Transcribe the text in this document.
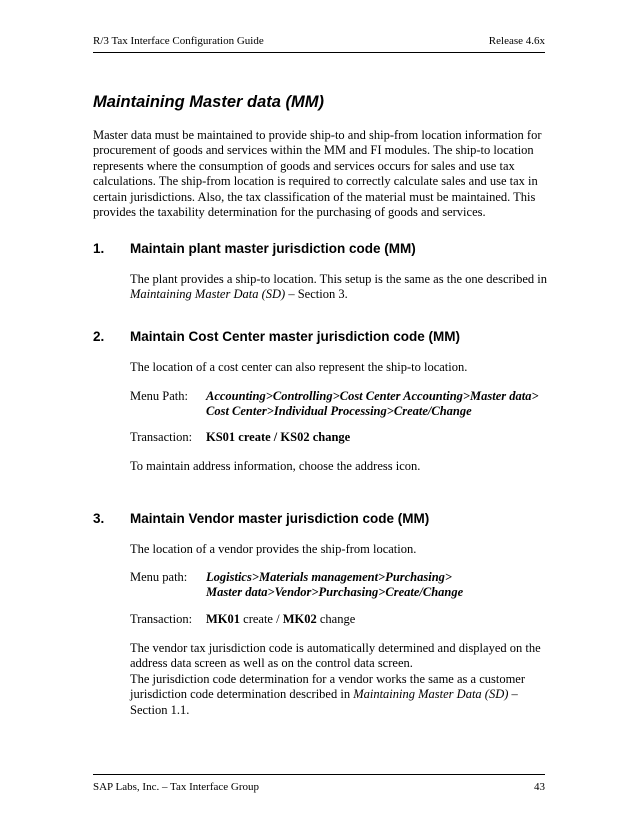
R/3 Tax Interface Configuration Guide	Release 4.6x
Maintaining Master data (MM)

Master data must be maintained to provide ship-to and ship-from location information for procurement of goods and services within the MM and FI modules. The ship-to location represents where the consumption of goods and services occurs for sales and use tax calculations. The ship-from location is required to correctly calculate sales and use tax in certain jurisdictions. Also, the tax classification of the material must be maintained. This provides the taxability determination for the purchasing of goods and services.

1.	Maintain plant master jurisdiction code (MM)

The plant provides a ship-to location. This setup is the same as the one described in Maintaining Master Data (SD) – Section 3.

2.	Maintain Cost Center master jurisdiction code (MM)

The location of a cost center can also represent the ship-to location.

Menu Path:	Accounting>Controlling>Cost Center Accounting>Master data>
Cost Center>Individual Processing>Create/Change
Transaction:	KS01 create / KS02 change

To maintain address information, choose the address icon.

3.	Maintain Vendor master jurisdiction code (MM)

The location of a vendor provides the ship-from location.

Menu path:	Logistics>Materials management>Purchasing>
Master data>Vendor>Purchasing>Create/Change
Transaction:	MK01 create / MK02 change

The vendor tax jurisdiction code is automatically determined and displayed on the address data screen as well as on the control data screen.

The jurisdiction code determination for a vendor works the same as a customer jurisdiction code determination described in Maintaining Master Data (SD) – Section 1.1.

SAP Labs, Inc. – Tax Interface Group	43
